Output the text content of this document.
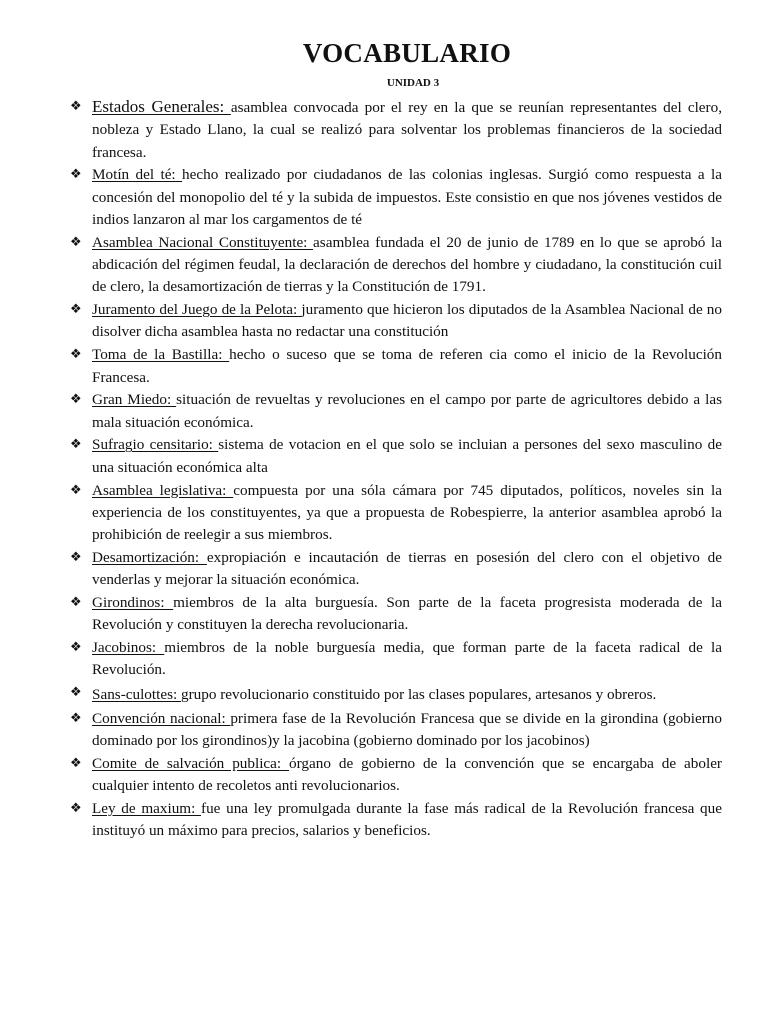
VOCABULARIO
UNIDAD 3
❖ Estados Generales: asamblea convocada por el rey en la que se reunían representantes del clero, nobleza y Estado Llano, la cual se realizó para solventar los problemas financieros de la sociedad francesa.
❖ Motín del té: hecho realizado por ciudadanos de las colonias inglesas. Surgió como respuesta a la concesión del monopolio del té y la subida de impuestos. Este consistio en que nos jóvenes vestidos de indios lanzaron al mar los cargamentos de té
❖ Asamblea Nacional Constituyente: asamblea fundada el 20 de junio de 1789 en lo que se aprobó la abdicación del régimen feudal, la declaración de derechos del hombre y ciudadano, la constitución cuil de clero, la desamortización de tierras y la Constitución de 1791.
❖ Juramento del Juego de la Pelota: juramento que hicieron los diputados de la Asamblea Nacional de no disolver dicha asamblea hasta no redactar una constitución
❖ Toma de la Bastilla: hecho o suceso que se toma de referen cia como el inicio de la Revolución Francesa.
❖ Gran Miedo: situación de revueltas y revoluciones en el campo por parte de agricultores debido a las mala situación económica.
❖ Sufragio censitario: sistema de votacion en el que solo se incluian a persones del sexo masculino de una situación económica alta
❖ Asamblea legislativa: compuesta por una sóla cámara por 745 diputados, políticos, noveles sin la experiencia de los constituyentes, ya que a propuesta de Robespierre, la anterior asamblea aprobó la prohibición de reelegir a sus miembros.
❖ Desamortización: expropiación e incautación de tierras en posesión del clero con el objetivo de venderlas y mejorar la situación económica.
❖ Girondinos: miembros de la alta burguesía. Son parte de la faceta progresista moderada de la Revolución y constituyen la derecha revolucionaria.
❖ Jacobinos: miembros de la noble burguesía media, que forman parte de la faceta radical de la Revolución.
❖ Sans-culottes: grupo revolucionario constituido por las clases populares, artesanos y obreros.
❖ Convención nacional: primera fase de la Revolución Francesa que se divide en la girondina (gobierno dominado por los girondinos)y la jacobina (gobierno dominado por los jacobinos)
❖ Comite de salvación publica: órgano de gobierno de la convención que se encargaba de aboler cualquier intento de recoletos anti revolucionarios.
❖ Ley de maxium: fue una ley promulgada durante la fase más radical de la Revolución francesa que instituyó un máximo para precios, salarios y beneficios.
